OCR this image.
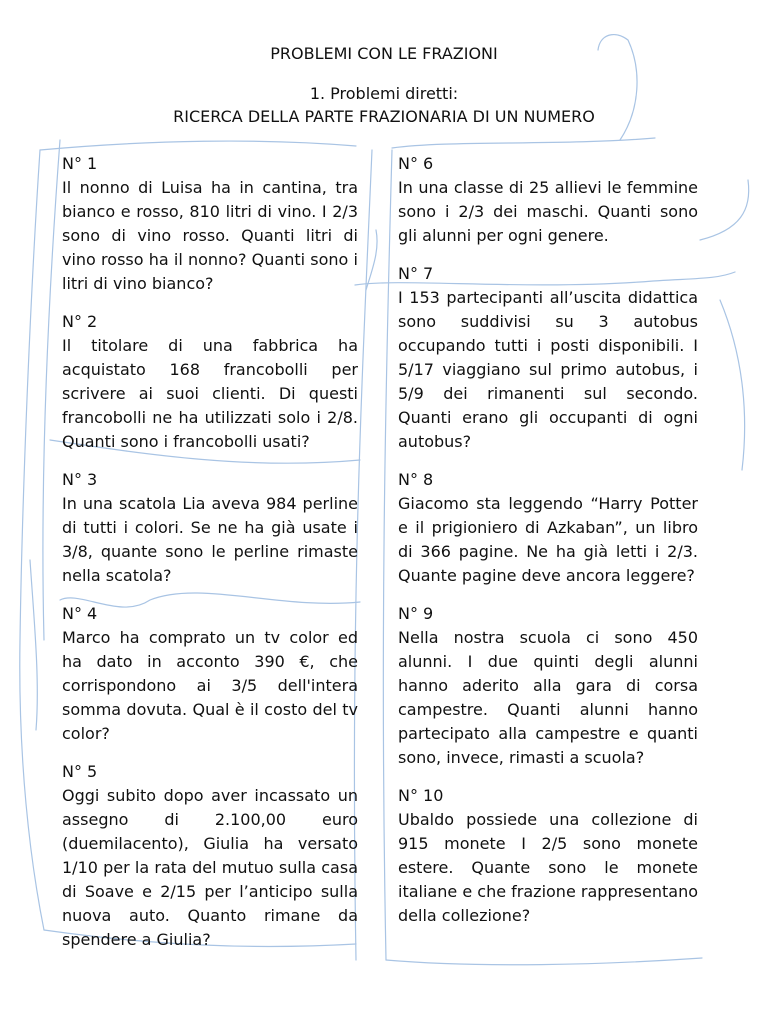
PROBLEMI CON LE FRAZIONI
1. Problemi diretti:
RICERCA DELLA PARTE FRAZIONARIA DI UN NUMERO
N° 1
Il nonno di Luisa ha in cantina, tra bianco e rosso, 810 litri di vino. I 2/3 sono di vino rosso. Quanti litri di vino rosso ha il nonno? Quanti sono i litri di vino bianco?
N° 2
Il titolare di una fabbrica ha acquistato 168 francobolli per scrivere ai suoi clienti. Di questi francobolli ne ha utilizzati solo i 2/8. Quanti sono i francobolli usati?
N° 3
In una scatola Lia aveva 984 perline di tutti i colori. Se ne ha già usate i 3/8, quante sono le perline rimaste nella scatola?
N° 4
Marco ha comprato un tv color ed ha dato in acconto 390 €, che corrispondono ai 3/5 dell'intera somma dovuta. Qual è il costo del tv color?
N° 5
Oggi subito dopo aver incassato un assegno di 2.100,00 euro (duemilacento), Giulia ha versato 1/10 per la rata del mutuo sulla casa di Soave e 2/15 per l’anticipo sulla nuova auto. Quanto rimane da spendere a Giulia?
N° 6
In una classe di 25 allievi le femmine sono i 2/3 dei maschi. Quanti sono gli alunni per ogni genere.
N° 7
I 153 partecipanti all’uscita didattica sono suddivisi su 3 autobus occupando tutti i posti disponibili. I 5/17 viaggiano sul primo autobus, i 5/9 dei rimanenti sul secondo. Quanti erano gli occupanti di ogni autobus?
N° 8
Giacomo sta leggendo “Harry Potter e il prigioniero di Azkaban”, un libro di 366 pagine. Ne ha già letti i 2/3. Quante pagine deve ancora leggere?
N° 9
Nella nostra scuola ci sono 450 alunni. I due quinti degli alunni hanno aderito alla gara di corsa campestre. Quanti alunni hanno partecipato alla campestre e quanti sono, invece, rimasti a scuola?
N° 10
Ubaldo possiede una collezione di 915 monete I 2/5 sono monete estere. Quante sono le monete italiane e che frazione rappresentano della collezione?
